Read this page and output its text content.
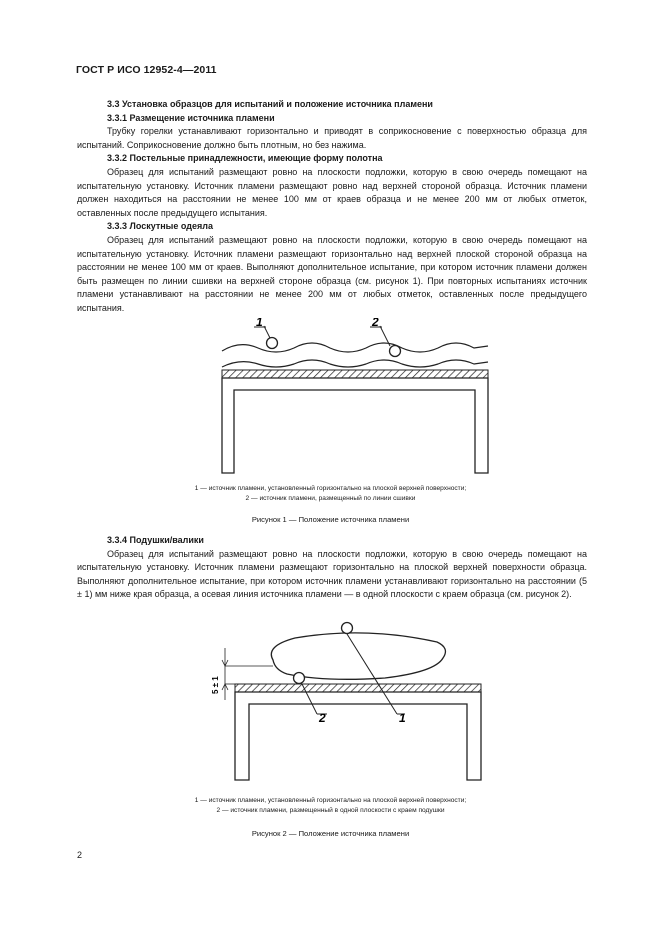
ГОСТ Р ИСО 12952-4—2011

3.3 Установка образцов для испытаний и положение источника пламени

3.3.1 Размещение источника пламени

Трубку горелки устанавливают горизонтально и приводят в соприкосновение с поверхностью образца для испытаний. Соприкосновение должно быть плотным, но без нажима.

3.3.2 Постельные принадлежности, имеющие форму полотна

Образец для испытаний размещают ровно на плоскости подложки, которую в свою очередь помещают на испытательную установку. Источник пламени размещают ровно над верхней стороной образца. Источник пламени должен находиться на расстоянии не менее 100 мм от краев образца и не менее 200 мм от любых отметок, оставленных после предыдущего испытания.

3.3.3 Лоскутные одеяла

Образец для испытаний размещают ровно на плоскости подложки, которую в свою очередь помещают на испытательную установку. Источник пламени размещают горизонтально над верхней плоской стороной образца на расстоянии не менее 100 мм от краев. Выполняют дополнительное испытание, при котором источник пламени должен быть размещен по линии сшивки на верхней стороне образца (см. рисунок 1). При повторных испытаниях источник пламени устанавливают на расстоянии не менее 200 мм от любых отметок, оставленных после предыдущего испытания.

1	2
1 — источник пламени, установленный горизонтально на плоской верхней поверхности;
2 — источник пламени, размещенный по линии сшивки
Рисунок 1 — Положение источника пламени

3.3.4 Подушки/валики

Образец для испытаний размещают ровно на плоскости подложки, которую в свою очередь помещают на испытательную установку. Источник пламени размещают горизонтально на плоской верхней поверхности образца. Выполняют дополнительное испытание, при котором источник пламени устанавливают горизонтально на расстоянии (5 ± 1) мм ниже края образца, а осевая линия источника пламени — в одной плоскости с краем образца (см. рисунок 2).

1
2
5 ± 1
1 — источник пламени, установленный горизонтально на плоской верхней поверхности;
2 — источник пламени, размещенный в одной плоскости с краем подушки
Рисунок 2 — Положение источника пламени
2
